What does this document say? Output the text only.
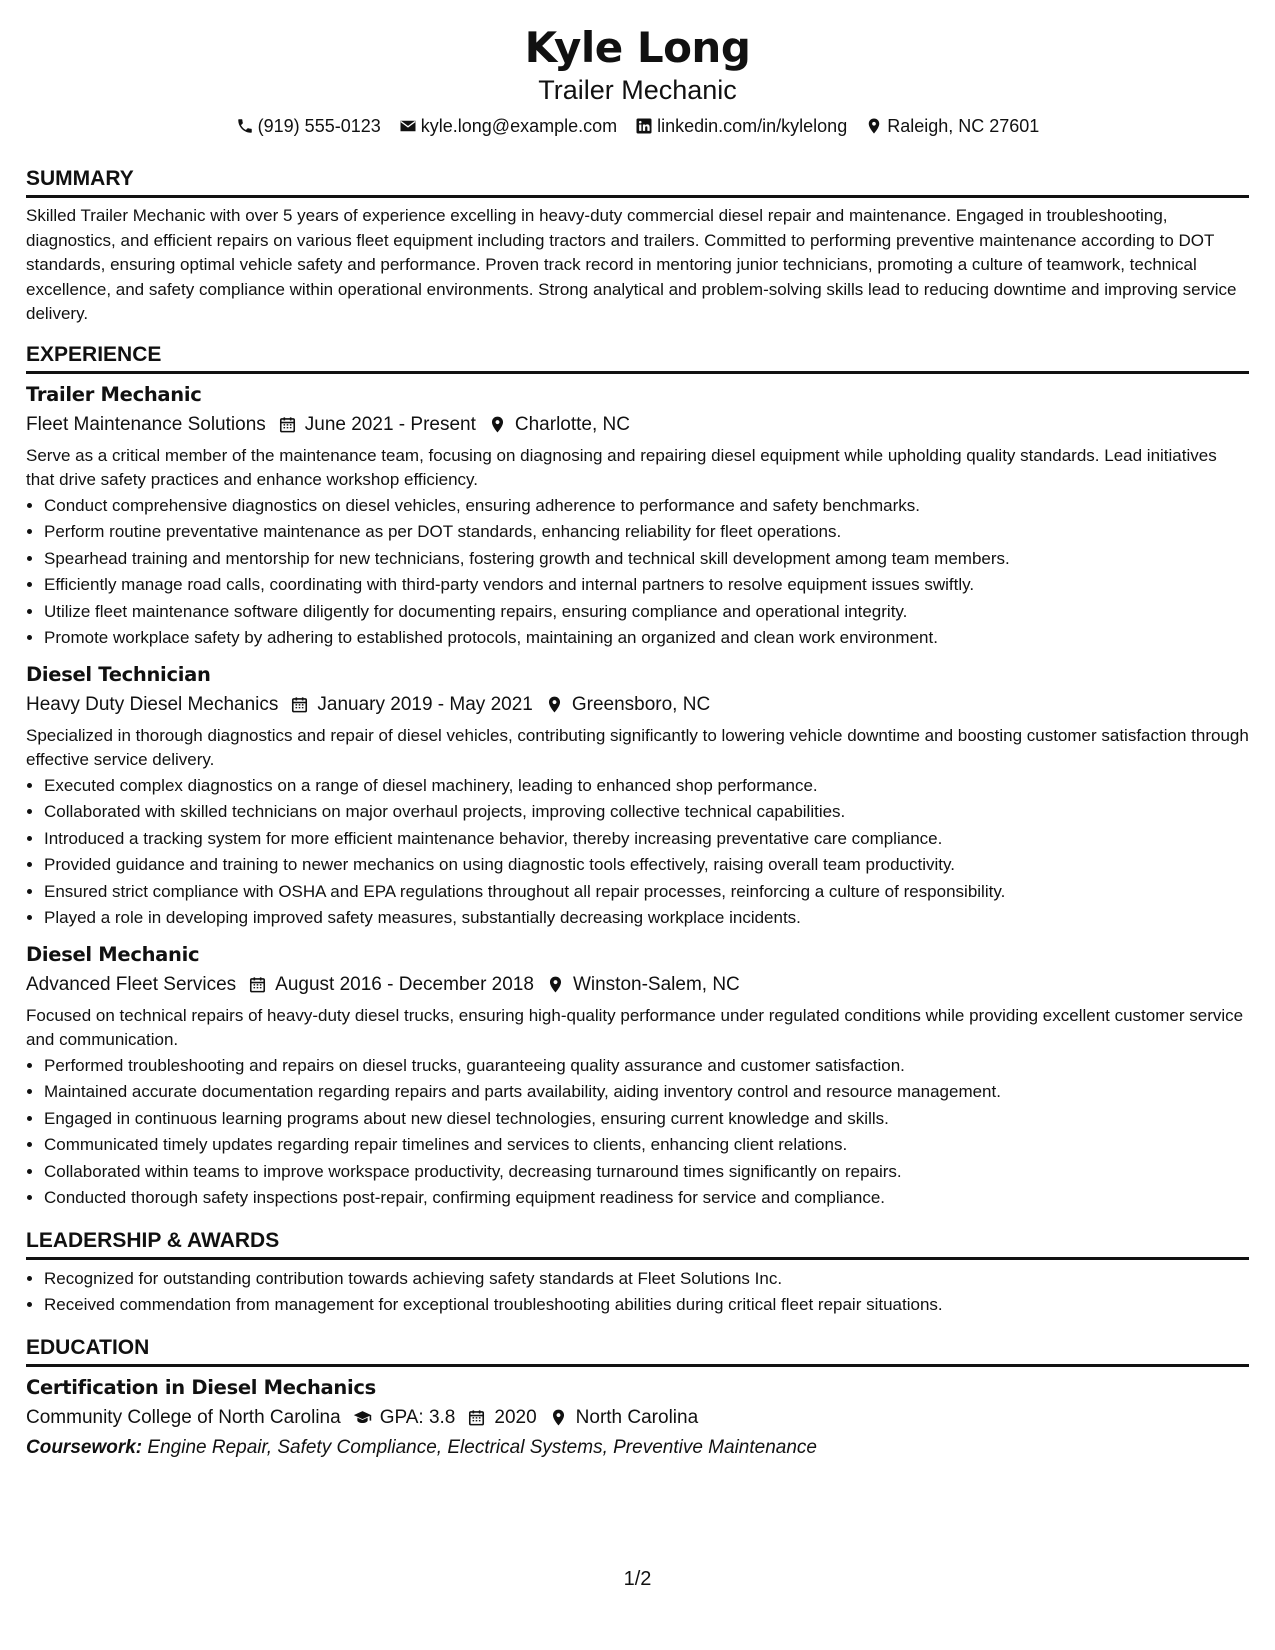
Kyle Long
Trailer Mechanic
(919) 555-0123 kyle.long@example.com linkedin.com/in/kylelong Raleigh, NC 27601
SUMMARY
Skilled Trailer Mechanic with over 5 years of experience excelling in heavy-duty commercial diesel repair and maintenance. Engaged in troubleshooting, diagnostics, and efficient repairs on various fleet equipment including tractors and trailers. Committed to performing preventive maintenance according to DOT standards, ensuring optimal vehicle safety and performance. Proven track record in mentoring junior technicians, promoting a culture of teamwork, technical excellence, and safety compliance within operational environments. Strong analytical and problem-solving skills lead to reducing downtime and improving service delivery.
EXPERIENCE
Trailer Mechanic
Fleet Maintenance Solutions June 2021 - Present Charlotte, NC
Serve as a critical member of the maintenance team, focusing on diagnosing and repairing diesel equipment while upholding quality standards. Lead initiatives that drive safety practices and enhance workshop efficiency.
• Conduct comprehensive diagnostics on diesel vehicles, ensuring adherence to performance and safety benchmarks.
• Perform routine preventative maintenance as per DOT standards, enhancing reliability for fleet operations.
• Spearhead training and mentorship for new technicians, fostering growth and technical skill development among team members.
• Efficiently manage road calls, coordinating with third-party vendors and internal partners to resolve equipment issues swiftly.
• Utilize fleet maintenance software diligently for documenting repairs, ensuring compliance and operational integrity.
• Promote workplace safety by adhering to established protocols, maintaining an organized and clean work environment.
Diesel Technician
Heavy Duty Diesel Mechanics January 2019 - May 2021 Greensboro, NC
Specialized in thorough diagnostics and repair of diesel vehicles, contributing significantly to lowering vehicle downtime and boosting customer satisfaction through effective service delivery.
• Executed complex diagnostics on a range of diesel machinery, leading to enhanced shop performance.
• Collaborated with skilled technicians on major overhaul projects, improving collective technical capabilities.
• Introduced a tracking system for more efficient maintenance behavior, thereby increasing preventative care compliance.
• Provided guidance and training to newer mechanics on using diagnostic tools effectively, raising overall team productivity.
• Ensured strict compliance with OSHA and EPA regulations throughout all repair processes, reinforcing a culture of responsibility.
• Played a role in developing improved safety measures, substantially decreasing workplace incidents.
Diesel Mechanic
Advanced Fleet Services August 2016 - December 2018 Winston-Salem, NC
Focused on technical repairs of heavy-duty diesel trucks, ensuring high-quality performance under regulated conditions while providing excellent customer service and communication.
• Performed troubleshooting and repairs on diesel trucks, guaranteeing quality assurance and customer satisfaction.
• Maintained accurate documentation regarding repairs and parts availability, aiding inventory control and resource management.
• Engaged in continuous learning programs about new diesel technologies, ensuring current knowledge and skills.
• Communicated timely updates regarding repair timelines and services to clients, enhancing client relations.
• Collaborated within teams to improve workspace productivity, decreasing turnaround times significantly on repairs.
• Conducted thorough safety inspections post-repair, confirming equipment readiness for service and compliance.
LEADERSHIP & AWARDS
• Recognized for outstanding contribution towards achieving safety standards at Fleet Solutions Inc.
• Received commendation from management for exceptional troubleshooting abilities during critical fleet repair situations.
EDUCATION
Certification in Diesel Mechanics
Community College of North Carolina GPA: 3.8 2020 North Carolina
Coursework: Engine Repair, Safety Compliance, Electrical Systems, Preventive Maintenance
1/2
